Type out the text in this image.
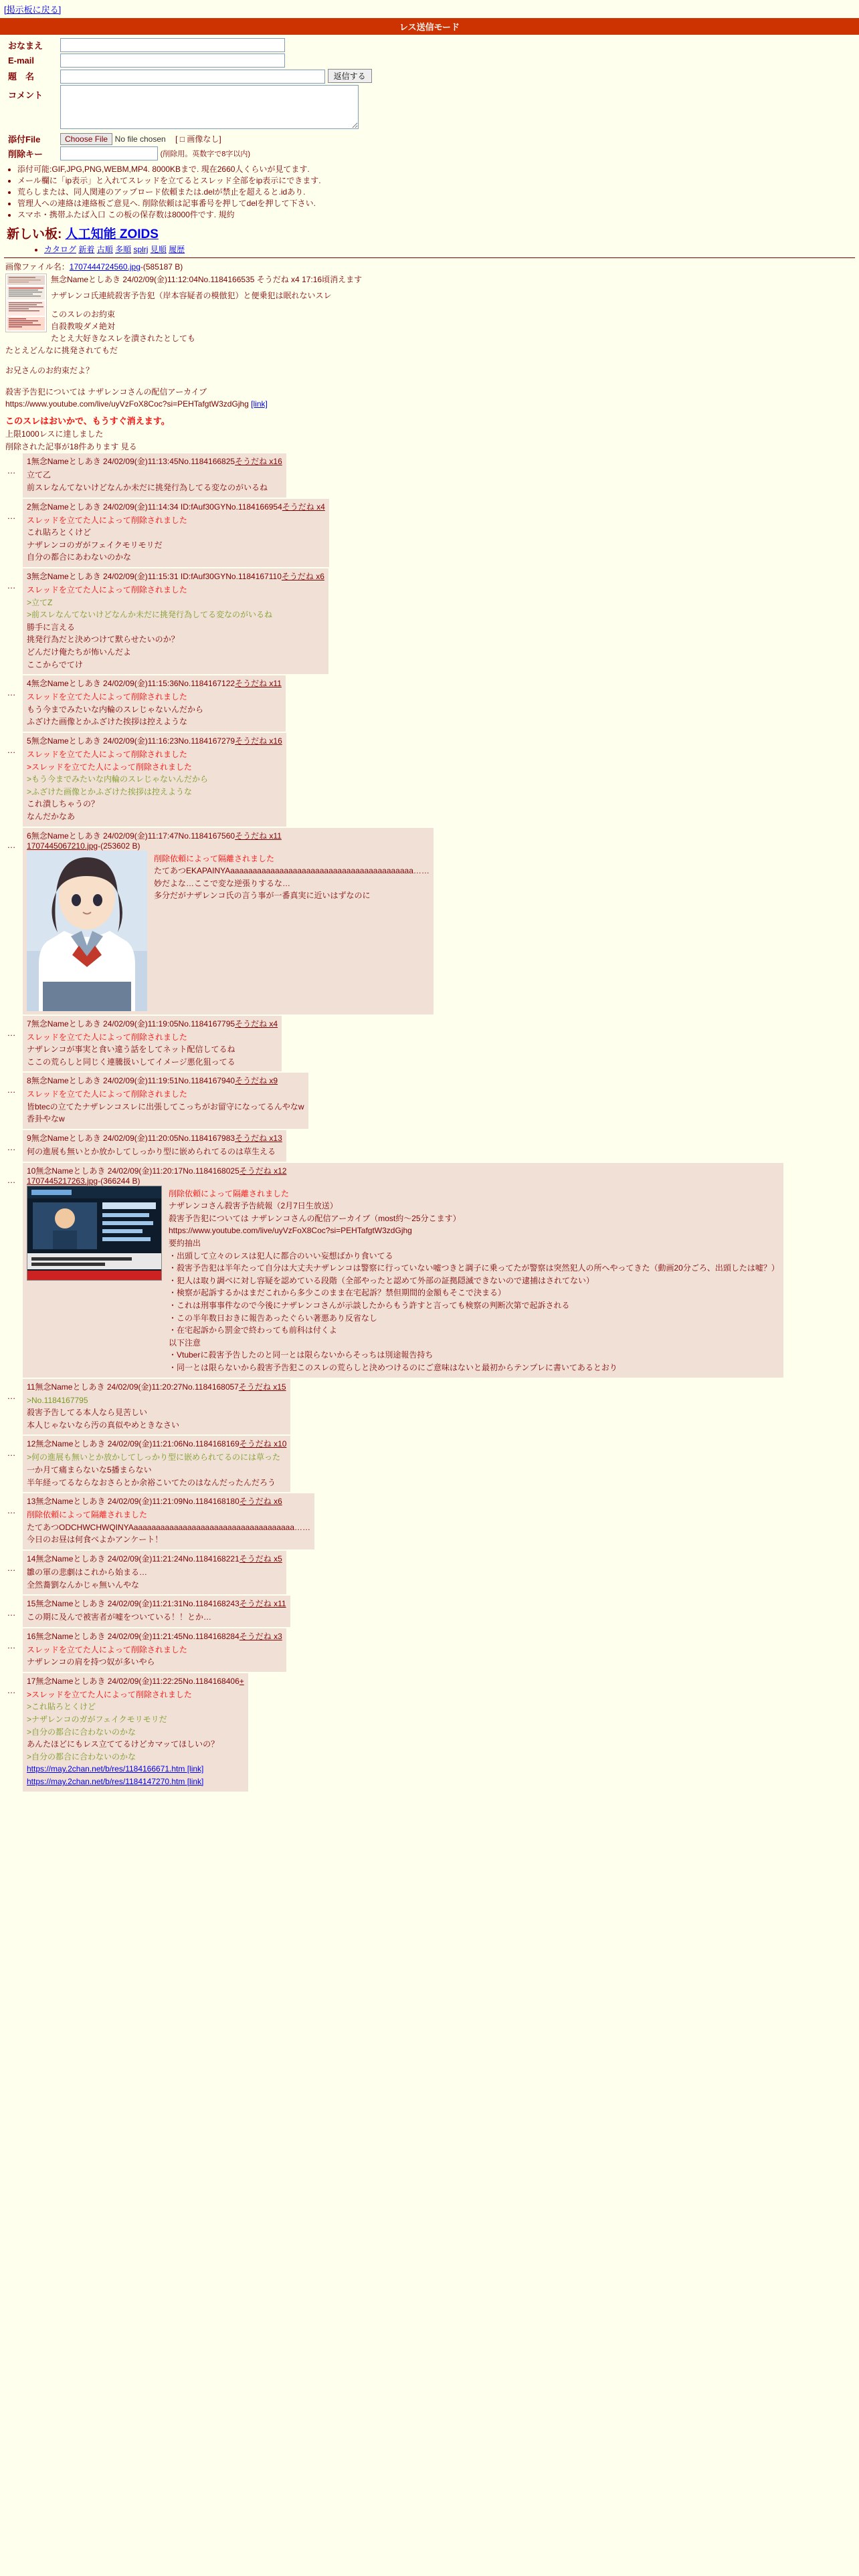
[掲示板に戻る]
レス送信モード
おなまえ	
E-mail	
題　名	返信する
コメント	
添付File	Choose File No file chosen [ □ 画像なし]
削除キー	(削除用。英数字で8字以内)
• 添付可能:GIF,JPG,PNG,WEBM,MP4. 8000KBまで. 現在2660人くらいが見てます.
• メール欄に「ip表示」と入れてスレッドを立てるとスレッド全部をip表示にできます.
• 荒らしまたは、同人関連のアップロード依頼または.delが禁止を超えると.idあり.
• 管理人への連絡は連絡板ご意見へ. 削除依頼は記事番号を押してdelを押して下さい.
• スマホ・携帯ふたば入口 この板の保存数は8000件です. 規約
新しい板: 人工知能 ZOIDS
• カタログ 新着 古順 多順 splrj 見順 履歴
画像ファイル名：1707444724560.jpg-(585187 B)
無念Nameとしあき 24/02/09(金)11:12:04No.1184166535 そうだね x4 17:16頃消えます
ナザレンコ氏連続殺害予告犯（岸本容疑者の模倣犯）と便乗犯は眠れないスレ
このスレのお約束
自殺教唆ダメ絶対
たとえ大好きなスレを潰されたとしても
たとえどんなに挑発されてもだ
お兄さんのお約束だよ？
殺害予告犯については ナザレンコさんの配信アーカイブ
https://www.youtube.com/live/uyVzFoX8Coc?si=PEHTafgtW3zdGjhg [link]
このスレはおいかで、もうすぐ消えます。
上限1000レスに達しました
削除された記事が18件あります 見る
…
1無念Nameとしあき 24/02/09(金)11:13:45No.1184166825そうだね x16
立て乙
前スレなんてないけどなんか未だに挑発行為してる変なのがいるね
…
2無念Nameとしあき 24/02/09(金)11:14:34 ID:fAuf30GYNo.1184166954そうだね x4
スレッドを立てた人によって削除されました
これ貼ろとくけど
ナザレンコのガがフェイクモリモリだ
自分の都合にあわないのかな
…
3無念Nameとしあき 24/02/09(金)11:15:31 ID:fAuf30GYNo.1184167110そうだね x6
スレッドを立てた人によって削除されました
>立てZ
>前スレなんてないけどなんか未だに挑発行為してる変なのがいるね
勝手に言える
挑発行為だと決めつけて默らせたいのか？
どんだけ俺たちが怖いんだよ
ここからでてけ
…
4無念Nameとしあき 24/02/09(金)11:15:36No.1184167122そうだね x11
スレッドを立てた人によって削除されました
もう今までみたいな内輪のスレじゃないんだから
ふざけた画像とかふざけた挨拶は控えような
…
5無念Nameとしあき 24/02/09(金)11:16:23No.1184167279そうだね x16
スレッドを立てた人によって削除されました
>スレッドを立てた人によって削除されました
>もう今までみたいな内輪のスレじゃないんだから
>ふざけた画像とかふざけた挨拶は控えような
これ潰しちゃうの？
なんだかなあ
…
6無念Nameとしあき 24/02/09(金)11:17:47No.1184167560そうだね x11
1707445067210.jpg-(253602 B)
削除依頼によって隔離されました
たてあつEKAPAINYAaaaaaaaaaaaaaaaaaaaaaaaaaaaaaaaaaaaaaaaaa……
妙だよな…ここで変な逆張りするな…
多分だがナザレンコ氏の言う事が一番真実に近いはずなのに
…
7無念Nameとしあき 24/02/09(金)11:19:05No.1184167795そうだね x4
スレッドを立てた人によって削除されました
ナザレンコが事実と食い違う話をしてネット配信してるね
ここの荒らしと同じく連騰扱いしてイメージ悪化狙ってる
…
8無念Nameとしあき 24/02/09(金)11:19:51No.1184167940そうだね x9
スレッドを立てた人によって削除されました
皆btecの立てたナザレンコスレに出張してこっちがお留守になってるんやなw
香卦やなw
…
9無念Nameとしあき 24/02/09(金)11:20:05No.1184167983そうだね x13
何の進展も無いとか放かしてしっかり型に嵌められてるのは草生える
…
10無念Nameとしあき 24/02/09(金)11:20:17No.1184168025そうだね x12
1707445217263.jpg-(366244 B)
削除依頼によって隔離されました
ナザレンコさん殺害予告続報（2月7日生放送）
殺害予告犯については ナザレンコさんの配信アーカイブ（most約～25分こます）
https://www.youtube.com/live/uyVzFoX8Coc?si=PEHTafgtW3zdGjhg
要約抽出
・出頭して立々のレスは犯人に都合のいい妄想ばかり食いてる
・殺害予告犯は半年たって自分は大丈夫ナザレンコは警察に行っていない嘘つきと調子に乗ってたが警察は突然犯人の所へやってきた（動画20分ごろ、出頭したは嘘？）
・犯人は取り調べに対し容疑を認めている段階（全部やったと認めて外部の証拠隠滅できないので逮捕はされてない）
・検察が起訴するかはまだこれから多少このまま在宅起訴？禁但期間的金額もそこで決まる）
・これは刑事事件なので今後にナザレンコさんが示談したからもう許すと言っても検察の判断次第で起訴される
・この半年数日おきに報告あったぐらい著悪あり反省なし
・在宅起訴から罰金で終わっても前科は付くよ
以下注意
・Vtuberに殺害予告したのと同一とは限らないからそっちは別途報告持ち
・同一とは限らないから殺害予告犯このスレの荒らしと決めつけるのにご意味はないと最初からテンプレに書いてあるとおり
…
11無念Nameとしあき 24/02/09(金)11:20:27No.1184168057そうだね x15
>No.1184167795
殺害予告してる本人なら見苦しい
本人じゃないなら汚の真似やめときなさい
…
12無念Nameとしあき 24/02/09(金)11:21:06No.1184168169そうだね x10
>何の進展も無いとか放かしてしっかり型に嵌められてるのには草った
一か月て痛まらないな5播まらない
半年経ってるならなおさらとか余裕こいてたのはなんだったんだろう
…
13無念Nameとしあき 24/02/09(金)11:21:09No.1184168180そうだね x6
削除依頼によって隔離されました
たてあつODCHWCHWQINYAaaaaaaaaaaaaaaaaaaaaaaaaaaaaaaaaaaaa……
今日のお昼は何食べよかアンケート！
…
14無念Nameとしあき 24/02/09(金)11:21:24No.1184168221そうだね x5
雛の軍の悲劇はこれから始まる…
全然蕎劉なんかじゃ無いんやな
…
15無念Nameとしあき 24/02/09(金)11:21:31No.1184168243そうだね x11
この期に及んで被害者が嘘をついている！！とか…
…
16無念Nameとしあき 24/02/09(金)11:21:45No.1184168284そうだね x3
スレッドを立てた人によって削除されました
ナザレンコの肩を持つ奴が多いやら
…
17無念Nameとしあき 24/02/09(金)11:22:25No.1184168406+
>スレッドを立てた人によって削除されました
>これ貼ろとくけど
>ナザレンコのガがフェイクモリモリだ
>自分の都合に合わないのかな
あんたほどにもレス立ててるけどカマッてほしいの？
>自分の都合に合わないのかな
https://may.2chan.net/b/res/1184166671.htm [link]
https://may.2chan.net/b/res/1184147270.htm [link]
